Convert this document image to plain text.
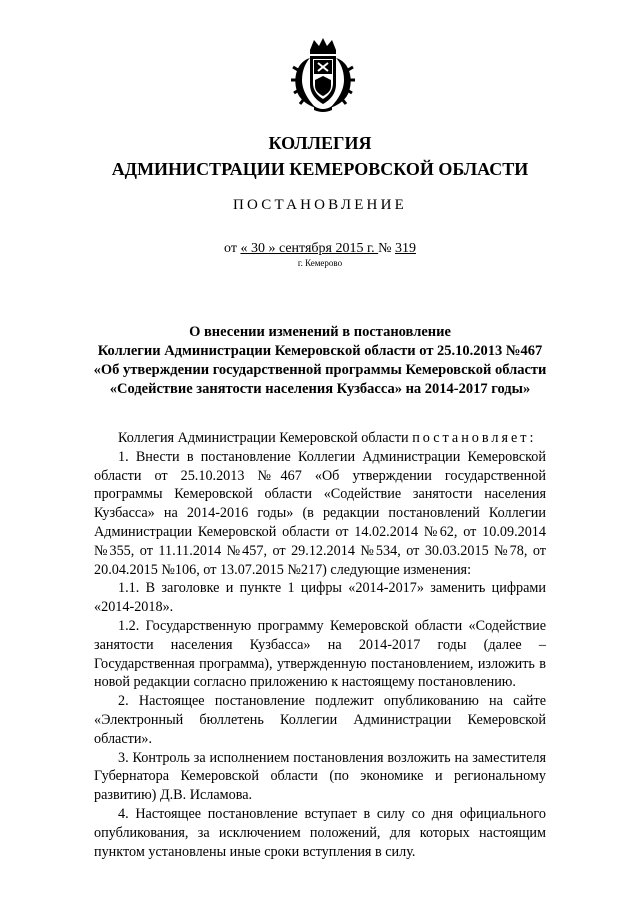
КОЛЛЕГИЯ
АДМИНИСТРАЦИИ КЕМЕРОВСКОЙ ОБЛАСТИ
ПОСТАНОВЛЕНИЕ
от « 30 » сентября 2015 г. № 319
г. Кемерово
О внесении изменений в постановление
Коллегии Администрации Кемеровской области от 25.10.2013 №467
«Об утверждении государственной программы Кемеровской области
«Содействие занятости населения Кузбасса» на 2014-2017 годы»

Коллегия Администрации Кемеровской области постановляет:

1. Внести в постановление Коллегии Администрации Кемеровской области от 25.10.2013 №467 «Об утверждении государственной программы Кемеровской области «Содействие занятости населения Кузбасса» на 2014-2016 годы» (в редакции постановлений Коллегии Администрации Кемеровской области от 14.02.2014 №62, от 10.09.2014 №355, от 11.11.2014 №457, от 29.12.2014 №534, от 30.03.2015 №78, от 20.04.2015 №106, от 13.07.2015 №217) следующие изменения:

1.1. В заголовке и пункте 1 цифры «2014-2017» заменить цифрами «2014-2018».

1.2. Государственную программу Кемеровской области «Содействие занятости населения Кузбасса» на 2014-2017 годы (далее – Государственная программа), утвержденную постановлением, изложить в новой редакции согласно приложению к настоящему постановлению.

2. Настоящее постановление подлежит опубликованию на сайте «Электронный бюллетень Коллегии Администрации Кемеровской области».

3. Контроль за исполнением постановления возложить на заместителя Губернатора Кемеровской области (по экономике и региональному развитию) Д.В. Исламова.

4. Настоящее постановление вступает в силу со дня официального опубликования, за исключением положений, для которых настоящим пунктом установлены иные сроки вступления в силу.
